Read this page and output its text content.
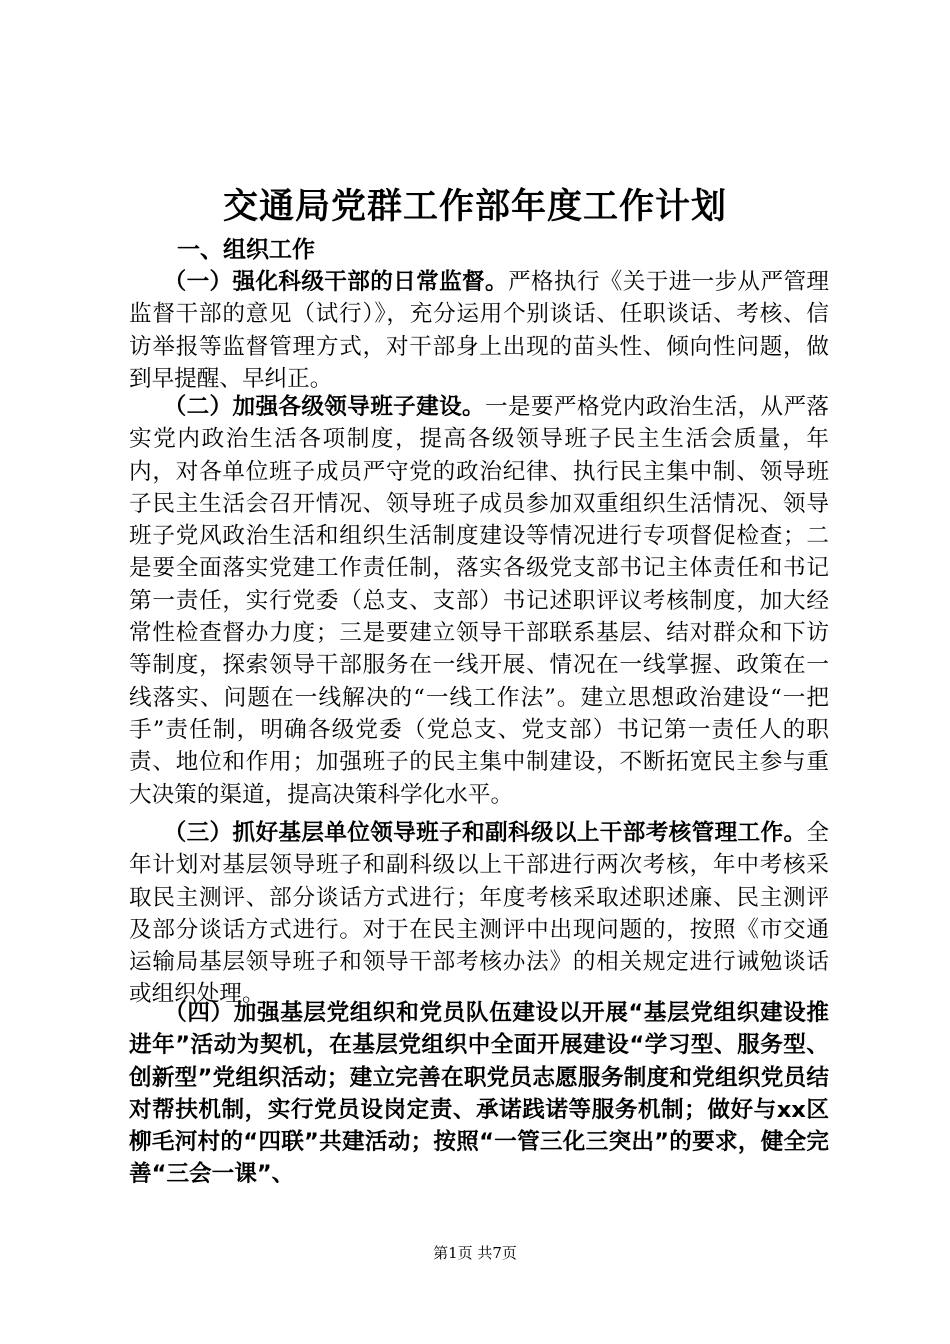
交通局党群工作部年度工作计划
一、组织工作
　　（一）强化科级干部的日常监督。严格执行《关于进一步从严管理监督干部的意见（试行）》，充分运用个别谈话、任职谈话、考核、信访举报等监督管理方式，对干部身上出现的苗头性、倾向性问题，做到早提醒、早纠正。
　　（二）加强各级领导班子建设。一是要严格党内政治生活，从严落实党内政治生活各项制度，提高各级领导班子民主生活会质量，年内，对各单位班子成员严守党的政治纪律、执行民主集中制、领导班子民主生活会召开情况、领导班子成员参加双重组织生活情况、领导班子党风政治生活和组织生活制度建设等情况进行专项督促检查；二是要全面落实党建工作责任制，落实各级党支部书记主体责任和书记第一责任，实行党委（总支、支部）书记述职评议考核制度，加大经常性检查督办力度；三是要建立领导干部联系基层、结对群众和下访等制度，探索领导干部服务在一线开展、情况在一线掌握、政策在一线落实、问题在一线解决的“一线工作法”。建立思想政治建设“一把手”责任制，明确各级党委（党总支、党支部）书记第一责任人的职责、地位和作用；加强班子的民主集中制建设，不断拓宽民主参与重大决策的渠道，提高决策科学化水平。
　　（三）抓好基层单位领导班子和副科级以上干部考核管理工作。全年计划对基层领导班子和副科级以上干部进行两次考核，年中考核采取民主测评、部分谈话方式进行；年度考核采取述职述廉、民主测评及部分谈话方式进行。对于在民主测评中出现问题的，按照《市交通运输局基层领导班子和领导干部考核办法》的相关规定进行诫勉谈话或组织处理。
　　（四）加强基层党组织和党员队伍建设以开展“基层党组织建设推进年”活动为契机，在基层党组织中全面开展建设“学习型、服务型、创新型”党组织活动；建立完善在职党员志愿服务制度和党组织党员结对帮扶机制，实行党员设岗定责、承诺践诺等服务机制；做好与xx区柳毛河村的“四联”共建活动；按照“一管三化三突出”的要求，健全完善“三会一课”、
第1页 共7页
